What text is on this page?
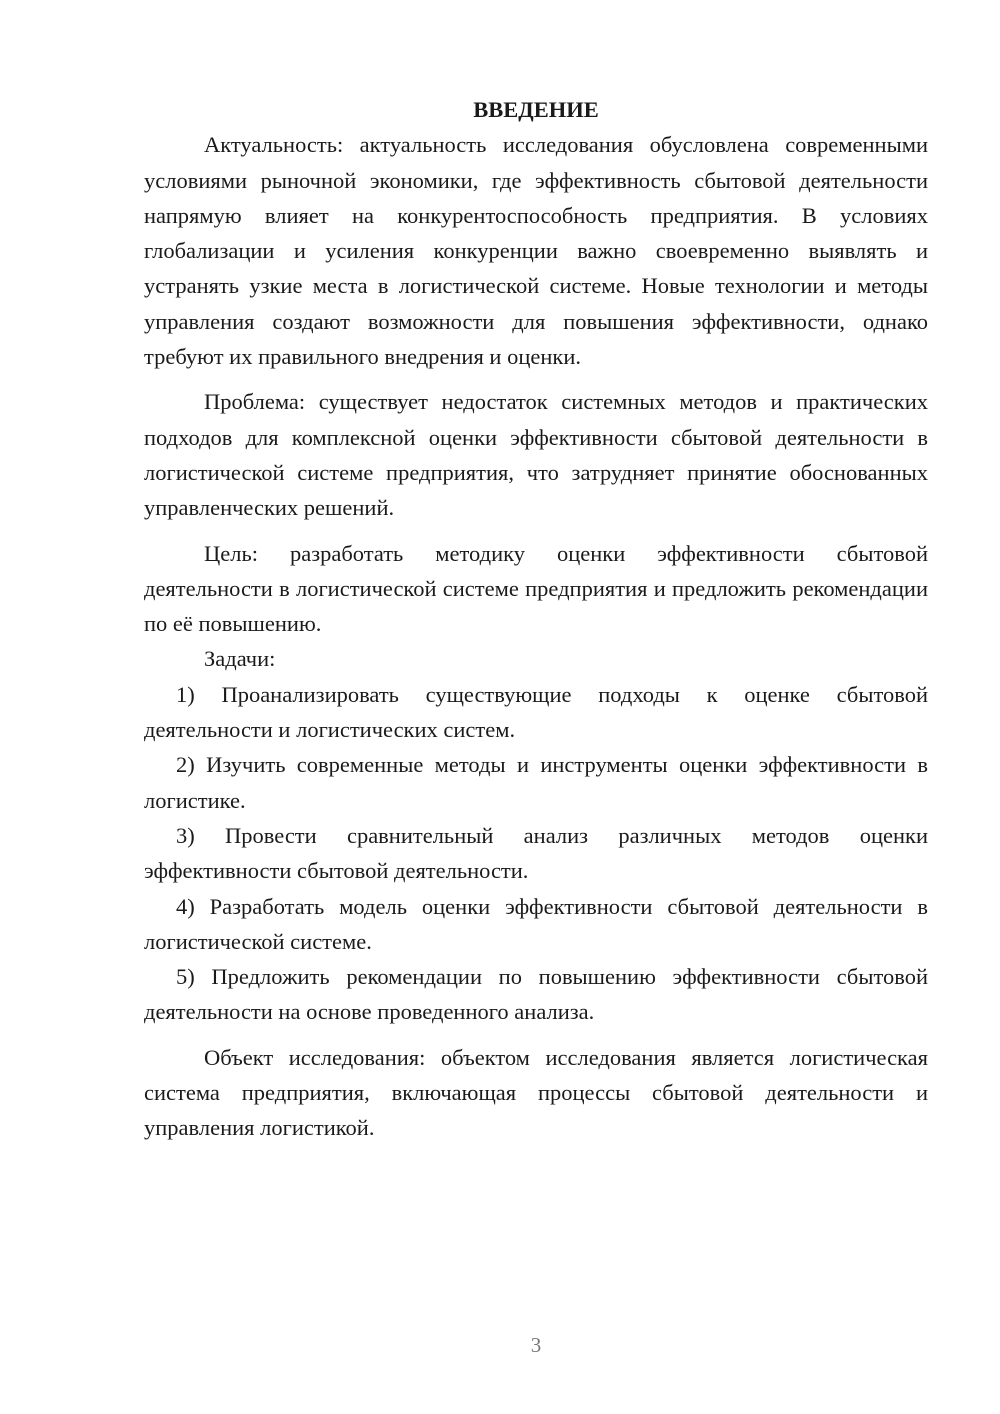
ВВЕДЕНИЕ

Актуальность: актуальность исследования обусловлена современными условиями рыночной экономики, где эффективность сбытовой деятельности напрямую влияет на конкурентоспособность предприятия. В условиях глобализации и усиления конкуренции важно своевременно выявлять и устранять узкие места в логистической системе. Новые технологии и методы управления создают возможности для повышения эффективности, однако требуют их правильного внедрения и оценки.

Проблема: существует недостаток системных методов и практических подходов для комплексной оценки эффективности сбытовой деятельности в логистической системе предприятия, что затрудняет принятие обоснованных управленческих решений.

Цель: разработать методику оценки эффективности сбытовой деятельности в логистической системе предприятия и предложить рекомендации по её повышению.

Задачи:

1) Проанализировать существующие подходы к оценке сбытовой деятельности и логистических систем.

2) Изучить современные методы и инструменты оценки эффективности в логистике.

3) Провести сравнительный анализ различных методов оценки эффективности сбытовой деятельности.

4) Разработать модель оценки эффективности сбытовой деятельности в логистической системе.

5) Предложить рекомендации по повышению эффективности сбытовой деятельности на основе проведенного анализа.

Объект исследования: объектом исследования является логистическая система предприятия, включающая процессы сбытовой деятельности и управления логистикой.

3
